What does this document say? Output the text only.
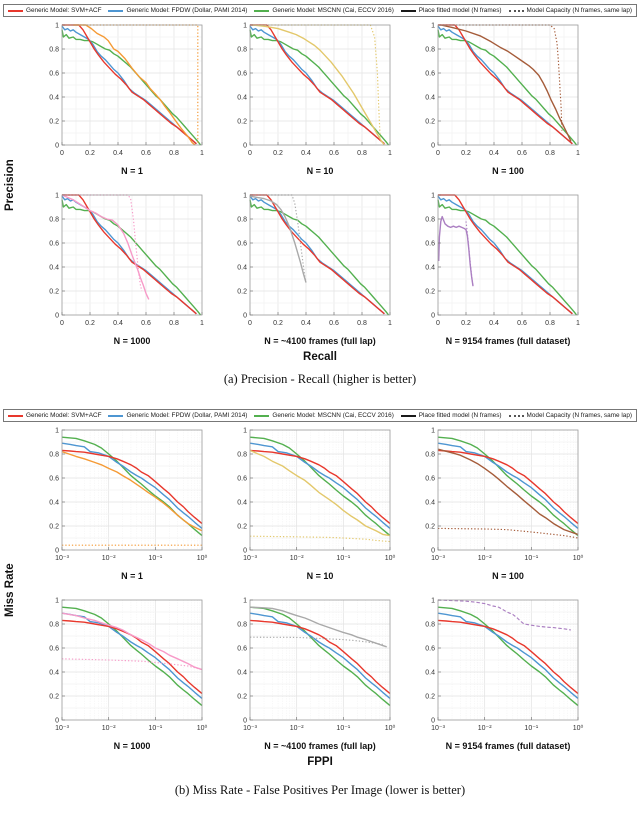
Generic Model: SVM+ACF	Generic Model: FPDW (Dollar, PAMI 2014)	Generic Model: MSCNN (Cai, ECCV 2016)	Place fitted model (N frames)	Model Capacity (N frames, same lap)
Precision
0	0.2	0.4	0.6	0.8	1
0
0.2
0.4
0.6
0.8
1
N = 1
0	0.2	0.4	0.6	0.8	1
0
0.2
0.4
0.6
0.8
1
N = 10
0	0.2	0.4	0.6	0.8	1
0
0.2
0.4
0.6
0.8
1
N = 100
0	0.2	0.4	0.6	0.8	1
0
0.2
0.4
0.6
0.8
1
N = 1000
0	0.2	0.4	0.6	0.8	1
0
0.2
0.4
0.6
0.8
1
N = ~4100 frames (full lap)
0	0.2	0.4	0.6	0.8	1
0
0.2
0.4
0.6
0.8
1
N = 9154 frames (full dataset)
Recall
(a) Precision - Recall (higher is better)
Generic Model: SVM+ACF	Generic Model: FPDW (Dollar, PAMI 2014)	Generic Model: MSCNN (Cai, ECCV 2016)	Place fitted model (N frames)	Model Capacity (N frames, same lap)
Miss Rate
10⁻³	10⁻²	10⁻¹	10⁰
0
0.2
0.4
0.6
0.8
1
N = 1
10⁻³	10⁻²	10⁻¹	10⁰
0
0.2
0.4
0.6
0.8
1
N = 10
10⁻³	10⁻²	10⁻¹	10⁰
0
0.2
0.4
0.6
0.8
1
N = 100
10⁻³	10⁻²	10⁻¹	10⁰
0
0.2
0.4
0.6
0.8
1
N = 1000
10⁻³	10⁻²	10⁻¹	10⁰
0
0.2
0.4
0.6
0.8
1
N = ~4100 frames (full lap)
10⁻³	10⁻²	10⁻¹	10⁰
0
0.2
0.4
0.6
0.8
1
N = 9154 frames (full dataset)
FPPI
(b) Miss Rate - False Positives Per Image (lower is better)
